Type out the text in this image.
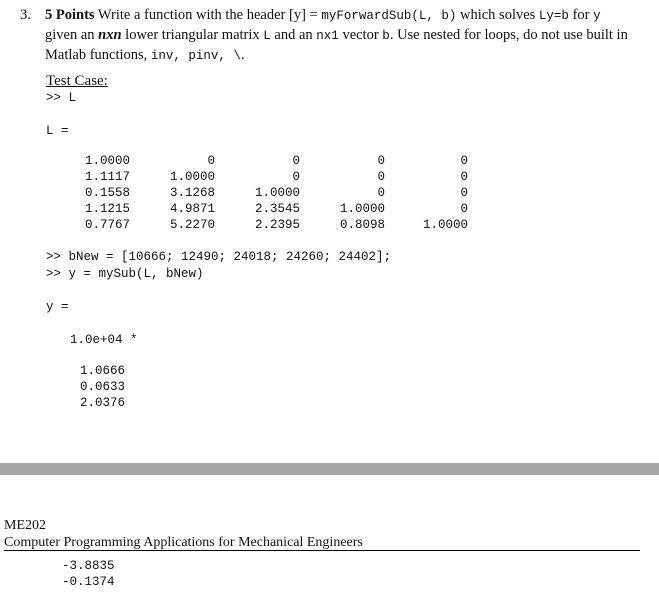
3. 5 Points Write a function with the header [y] = myForwardSub(L, b) which solves Ly=b for y
given an nxn lower triangular matrix L and an nx1 vector b. Use nested for loops, do not use built in
Matlab functions, inv, pinv, \.
Test Case:
>> L
L =
1.0000	0	0	0	0
1.1117	1.0000	0	0	0
0.1558	3.1268	1.0000	0	0
1.1215	4.9871	2.3545	1.0000	0
0.7767	5.2270	2.2395	0.8098	1.0000
>> bNew = [10666; 12490; 24018; 24260; 24402];
>> y = mySub(L, bNew)
y =
1.0e+04 *
1.0666
0.0633
2.0376
ME202
Computer Programming Applications for Mechanical Engineers
-3.8835
-0.1374
